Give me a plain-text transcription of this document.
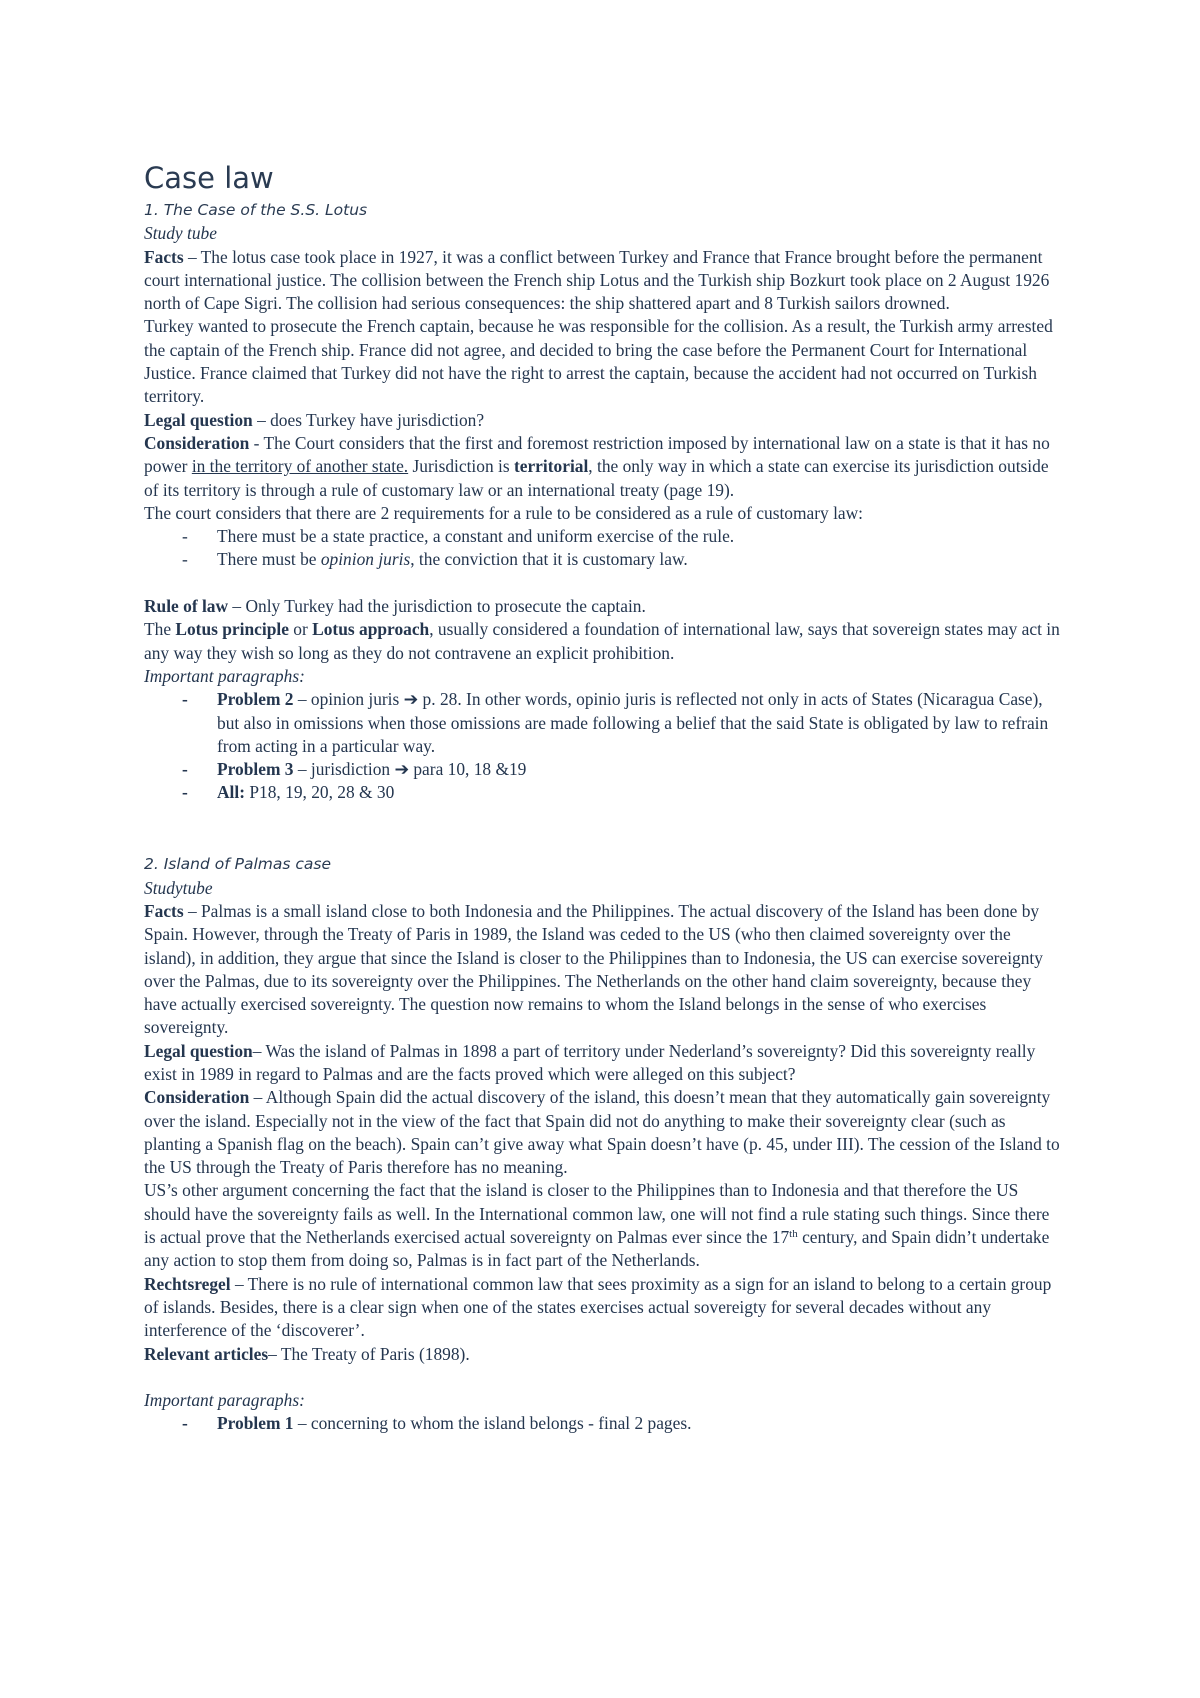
Case law

1. The Case of the S.S. Lotus

Study tube

Facts – The lotus case took place in 1927, it was a conflict between Turkey and France that France brought before the permanent court international justice. The collision between the French ship Lotus and the Turkish ship Bozkurt took place on 2 August 1926 north of Cape Sigri. The collision had serious consequences: the ship shattered apart and 8 Turkish sailors drowned.

Turkey wanted to prosecute the French captain, because he was responsible for the collision. As a result, the Turkish army arrested the captain of the French ship. France did not agree, and decided to bring the case before the Permanent Court for International Justice. France claimed that Turkey did not have the right to arrest the captain, because the accident had not occurred on Turkish territory.

Legal question – does Turkey have jurisdiction?

Consideration - The Court considers that the first and foremost restriction imposed by international law on a state is that it has no power in the territory of another state. Jurisdiction is territorial, the only way in which a state can exercise its jurisdiction outside of its territory is through a rule of customary law or an international treaty (page 19).

The court considers that there are 2 requirements for a rule to be considered as a rule of customary law:

- There must be a state practice, a constant and uniform exercise of the rule.
- There must be opinion juris, the conviction that it is customary law.

Rule of law – Only Turkey had the jurisdiction to prosecute the captain.

The Lotus principle or Lotus approach, usually considered a foundation of international law, says that sovereign states may act in any way they wish so long as they do not contravene an explicit prohibition.

Important paragraphs:

- Problem 2 – opinion juris ➔ p. 28. In other words, opinio juris is reflected not only in acts of States (Nicaragua Case), but also in omissions when those omissions are made following a belief that the said State is obligated by law to refrain from acting in a particular way.
- Problem 3 – jurisdiction ➔ para 10, 18 &19
- All: P18, 19, 20, 28 & 30

2. Island of Palmas case

Studytube

Facts – Palmas is a small island close to both Indonesia and the Philippines. The actual discovery of the Island has been done by Spain. However, through the Treaty of Paris in 1989, the Island was ceded to the US (who then claimed sovereignty over the island), in addition, they argue that since the Island is closer to the Philippines than to Indonesia, the US can exercise sovereignty over the Palmas, due to its sovereignty over the Philippines. The Netherlands on the other hand claim sovereignty, because they have actually exercised sovereignty. The question now remains to whom the Island belongs in the sense of who exercises sovereignty.

Legal question– Was the island of Palmas in 1898 a part of territory under Nederland’s sovereignty? Did this sovereignty really exist in 1989 in regard to Palmas and are the facts proved which were alleged on this subject?

Consideration – Although Spain did the actual discovery of the island, this doesn’t mean that they automatically gain sovereignty over the island. Especially not in the view of the fact that Spain did not do anything to make their sovereignty clear (such as planting a Spanish flag on the beach). Spain can’t give away what Spain doesn’t have (p. 45, under III). The cession of the Island to the US through the Treaty of Paris therefore has no meaning.

US’s other argument concerning the fact that the island is closer to the Philippines than to Indonesia and that therefore the US should have the sovereignty fails as well. In the International common law, one will not find a rule stating such things. Since there is actual prove that the Netherlands exercised actual sovereignty on Palmas ever since the 17th century, and Spain didn’t undertake any action to stop them from doing so, Palmas is in fact part of the Netherlands.

Rechtsregel – There is no rule of international common law that sees proximity as a sign for an island to belong to a certain group of islands. Besides, there is a clear sign when one of the states exercises actual sovereigty for several decades without any interference of the ‘discoverer’.

Relevant articles– The Treaty of Paris (1898).

Important paragraphs:

- Problem 1 – concerning to whom the island belongs - final 2 pages.
